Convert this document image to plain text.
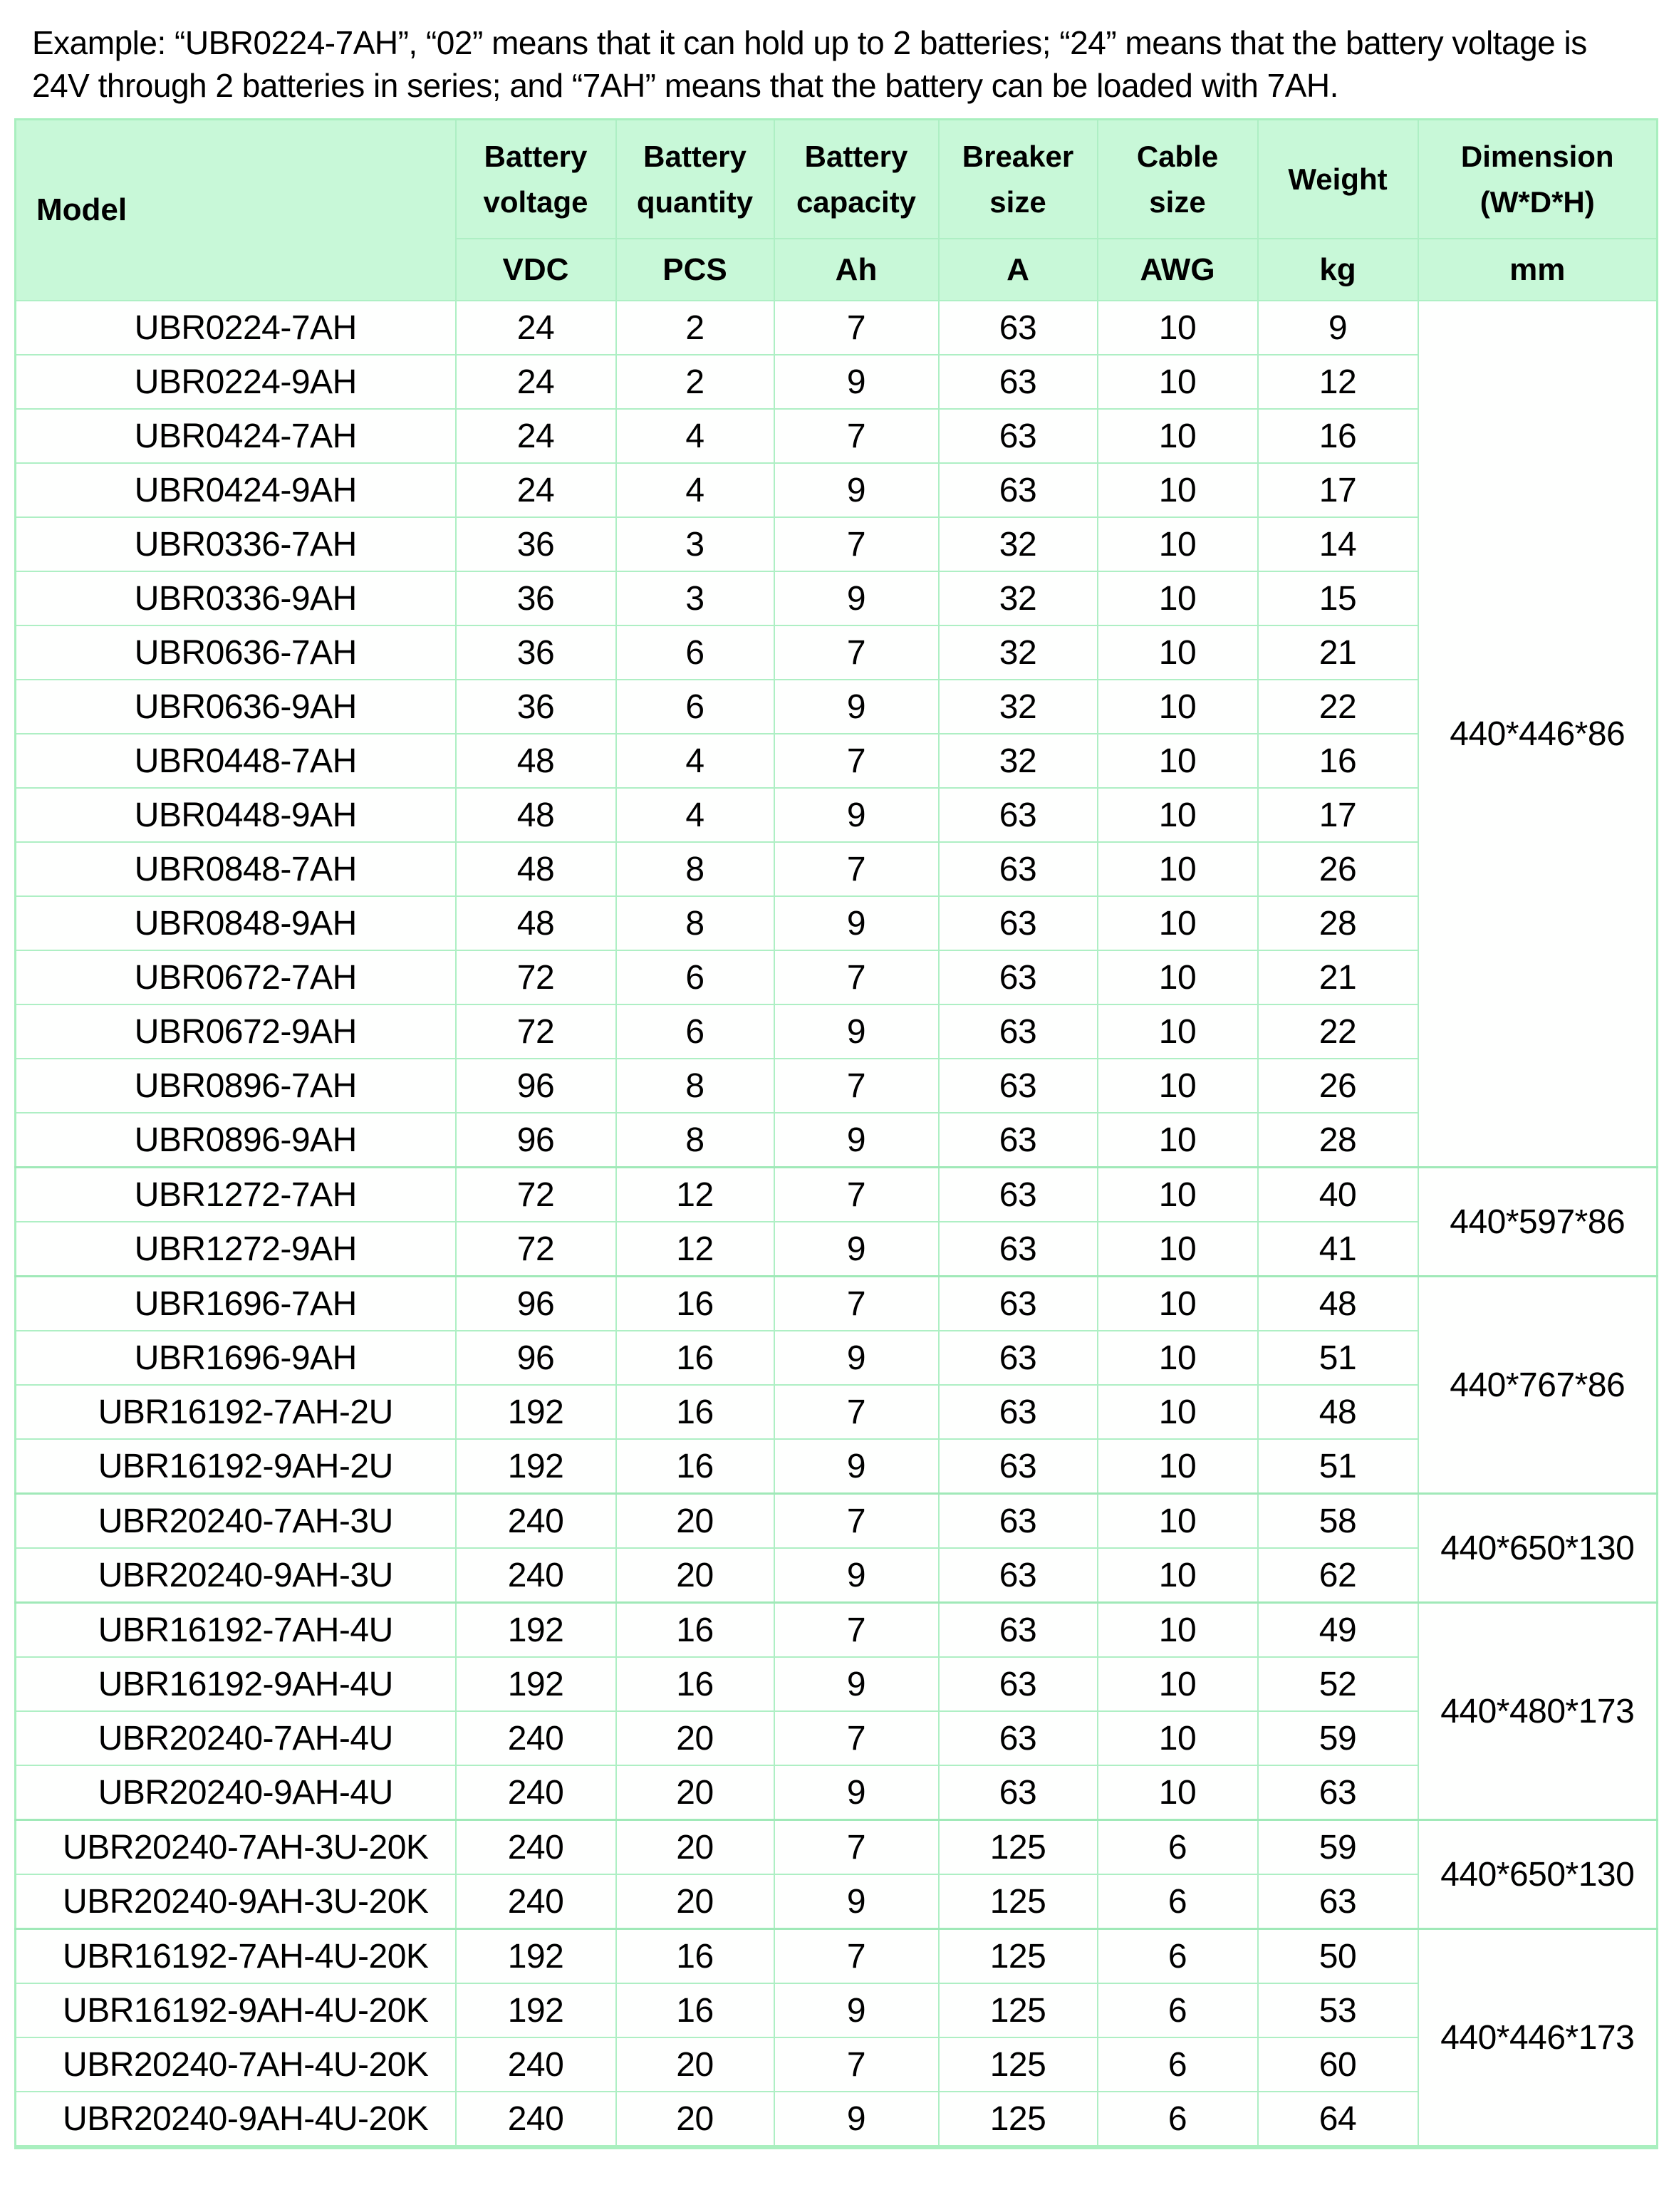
Example: “UBR0224-7AH”, “02” means that it can hold up to 2 batteries; “24” means that the battery voltage is
24V through 2 batteries in series; and “7AH” means that the battery can be loaded with 7AH.
Model	Battery voltage	Battery quantity	Battery capacity	Breaker size	Cable size	Weight	Dimension (W*D*H)
	VDC	PCS	Ah	A	AWG	kg	mm
UBR0224-7AH	24	2	7	63	10	9	440*446*86
UBR0224-9AH	24	2	9	63	10	12	
UBR0424-7AH	24	4	7	63	10	16	
UBR0424-9AH	24	4	9	63	10	17	
UBR0336-7AH	36	3	7	32	10	14	
UBR0336-9AH	36	3	9	32	10	15	
UBR0636-7AH	36	6	7	32	10	21	
UBR0636-9AH	36	6	9	32	10	22	
UBR0448-7AH	48	4	7	32	10	16	
UBR0448-9AH	48	4	9	63	10	17	
UBR0848-7AH	48	8	7	63	10	26	
UBR0848-9AH	48	8	9	63	10	28	
UBR0672-7AH	72	6	7	63	10	21	
UBR0672-9AH	72	6	9	63	10	22	
UBR0896-7AH	96	8	7	63	10	26	
UBR0896-9AH	96	8	9	63	10	28	
UBR1272-7AH	72	12	7	63	10	40	440*597*86
UBR1272-9AH	72	12	9	63	10	41	
UBR1696-7AH	96	16	7	63	10	48	440*767*86
UBR1696-9AH	96	16	9	63	10	51	
UBR16192-7AH-2U	192	16	7	63	10	48	
UBR16192-9AH-2U	192	16	9	63	10	51	
UBR20240-7AH-3U	240	20	7	63	10	58	440*650*130
UBR20240-9AH-3U	240	20	9	63	10	62	
UBR16192-7AH-4U	192	16	7	63	10	49	440*480*173
UBR16192-9AH-4U	192	16	9	63	10	52	
UBR20240-7AH-4U	240	20	7	63	10	59	
UBR20240-9AH-4U	240	20	9	63	10	63	
UBR20240-7AH-3U-20K	240	20	7	125	6	59	440*650*130
UBR20240-9AH-3U-20K	240	20	9	125	6	63	
UBR16192-7AH-4U-20K	192	16	7	125	6	50	440*446*173
UBR16192-9AH-4U-20K	192	16	9	125	6	53	
UBR20240-7AH-4U-20K	240	20	7	125	6	60	
UBR20240-9AH-4U-20K	240	20	9	125	6	64	
